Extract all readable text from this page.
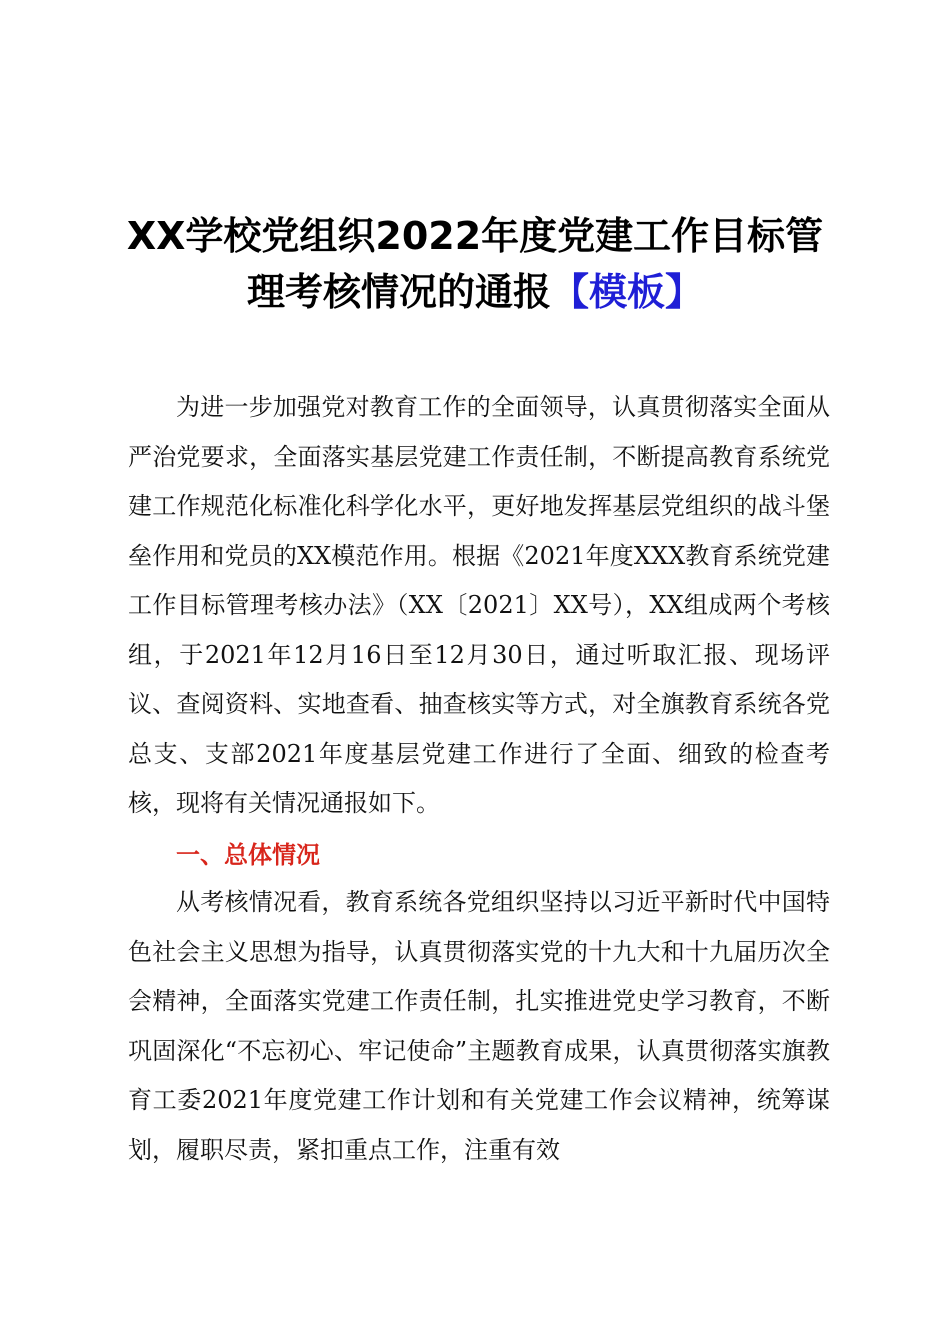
XX学校党组织2022年度党建工作目标管
理考核情况的通报【模板】
为进一步加强党对教育工作的全面领导，认真贯彻落实全面从严治党要求，全面落实基层党建工作责任制，不断提高教育系统党建工作规范化标准化科学化水平，更好地发挥基层党组织的战斗堡垒作用和党员的XX模范作用。根据《2021年度XXX教育系统党建工作目标管理考核办法》（XX〔2021〕XX号），XX组成两个考核组，于2021年12月16日至12月30日，通过听取汇报、现场评议、查阅资料、实地查看、抽查核实等方式，对全旗教育系统各党总支、支部2021年度基层党建工作进行了全面、细致的检查考核，现将有关情况通报如下。
一、总体情况
从考核情况看，教育系统各党组织坚持以习近平新时代中国特色社会主义思想为指导，认真贯彻落实党的十九大和十九届历次全会精神，全面落实党建工作责任制，扎实推进党史学习教育，不断巩固深化“不忘初心、牢记使命”主题教育成果，认真贯彻落实旗教育工委2021年度党建工作计划和有关党建工作会议精神，统筹谋划，履职尽责，紧扣重点工作，注重有效
